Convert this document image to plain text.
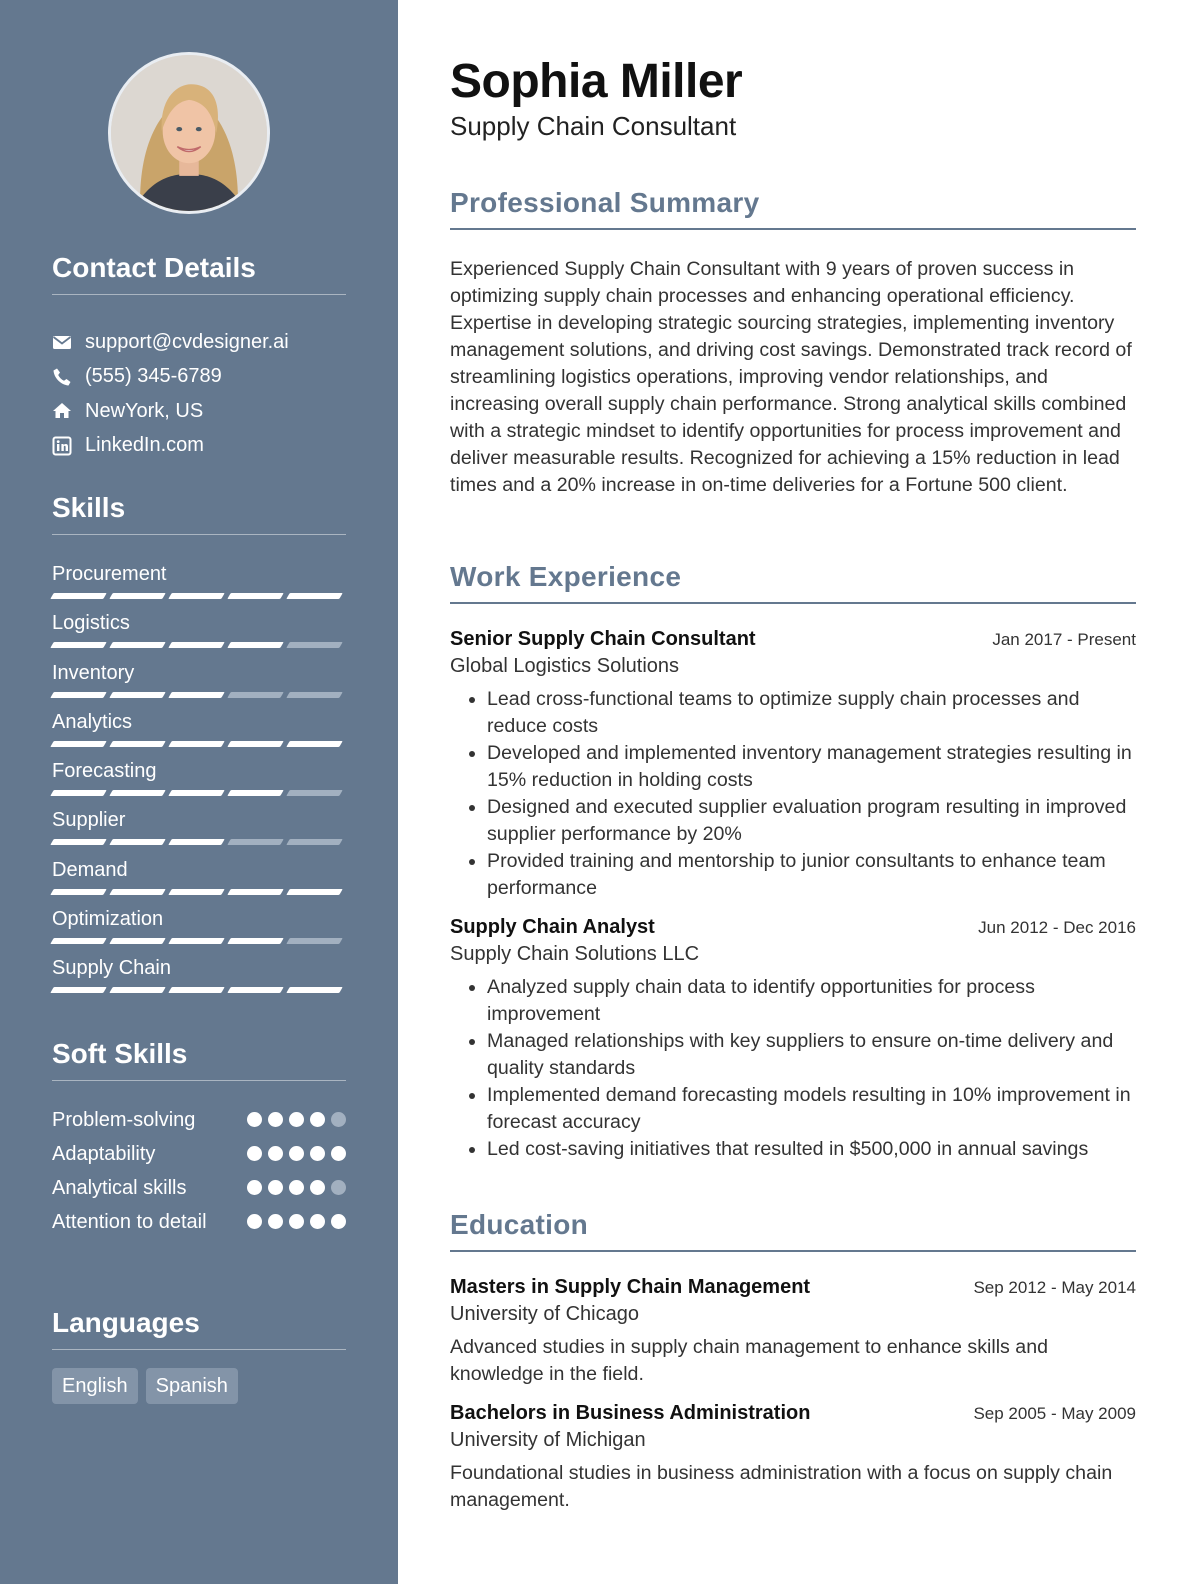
Contact Details
support@cvdesigner.ai
(555) 345-6789
NewYork, US
LinkedIn.com
Skills
Procurement
Logistics
Inventory
Analytics
Forecasting
Supplier
Demand
Optimization
Supply Chain
Soft Skills
Problem-solving
Adaptability
Analytical skills
Attention to detail
Languages
English	Spanish
Sophia Miller
Supply Chain Consultant
Professional Summary

Experienced Supply Chain Consultant with 9 years of proven success in optimizing supply chain processes and enhancing operational efficiency. Expertise in developing strategic sourcing strategies, implementing inventory management solutions, and driving cost savings. Demonstrated track record of streamlining logistics operations, improving vendor relationships, and increasing overall supply chain performance. Strong analytical skills combined with a strategic mindset to identify opportunities for process improvement and deliver measurable results. Recognized for achieving a 15% reduction in lead times and a 20% increase in on-time deliveries for a Fortune 500 client.

Work Experience
Senior Supply Chain Consultant	Jan 2017 - Present
Global Logistics Solutions
• Lead cross-functional teams to optimize supply chain processes and reduce costs
• Developed and implemented inventory management strategies resulting in 15% reduction in holding costs
• Designed and executed supplier evaluation program resulting in improved supplier performance by 20%
• Provided training and mentorship to junior consultants to enhance team performance
Supply Chain Analyst	Jun 2012 - Dec 2016
Supply Chain Solutions LLC
• Analyzed supply chain data to identify opportunities for process improvement
• Managed relationships with key suppliers to ensure on-time delivery and quality standards
• Implemented demand forecasting models resulting in 10% improvement in forecast accuracy
• Led cost-saving initiatives that resulted in $500,000 in annual savings
Education
Masters in Supply Chain Management	Sep 2012 - May 2014
University of Chicago

Advanced studies in supply chain management to enhance skills and knowledge in the field.

Bachelors in Business Administration	Sep 2005 - May 2009
University of Michigan

Foundational studies in business administration with a focus on supply chain management.
